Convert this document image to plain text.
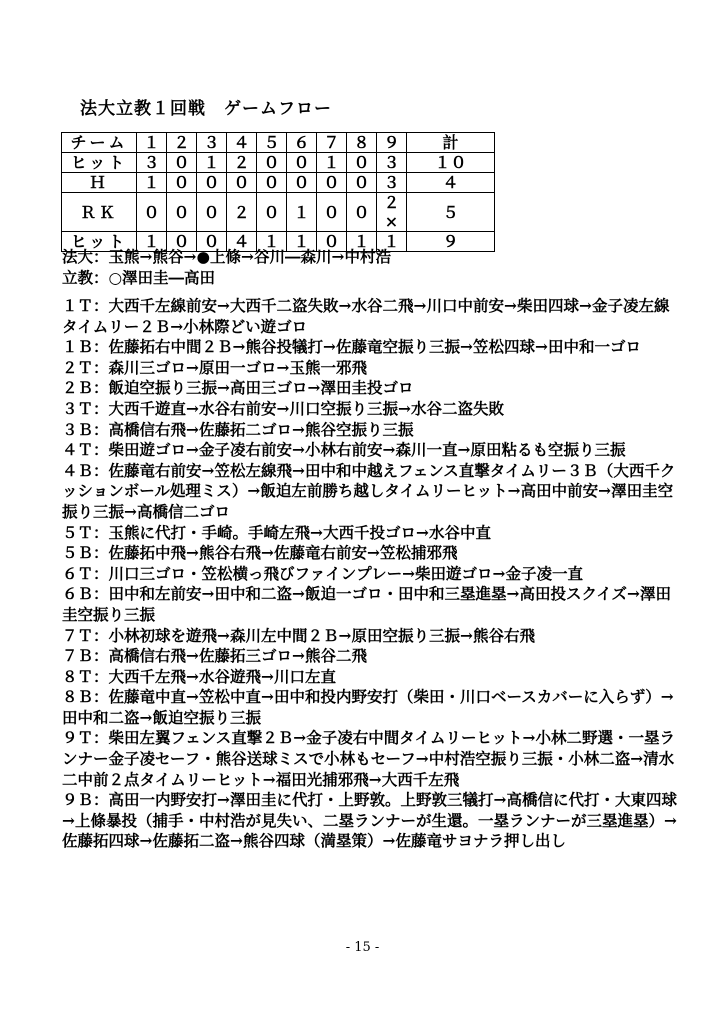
法大立教１回戦　ゲームフロー
チーム	１	２	３	４	５	６	７	８	９	計
ヒット	３	０	１	２	０	０	１	０	３	１０
Ｈ	１	０	０	０	０	０	０	０	３	４
ＲＫ	０	０	０	２	０	１	０	０	２×	５
ヒット	１	０	０	４	１	１	０	１	１	９
法大：玉熊→熊谷→●上條→谷川―森川→中村浩
立教：○澤田圭―高田

１Ｔ：大西千左線前安→大西千二盗失敗→水谷二飛→川口中前安→柴田四球→金子凌左線タイムリー２Ｂ→小林際どい遊ゴロ

１Ｂ：佐藤拓右中間２Ｂ→熊谷投犠打→佐藤竜空振り三振→笠松四球→田中和一ゴロ

２Ｔ：森川三ゴロ→原田一ゴロ→玉熊一邪飛

２Ｂ：飯迫空振り三振→高田三ゴロ→澤田圭投ゴロ

３Ｔ：大西千遊直→水谷右前安→川口空振り三振→水谷二盗失敗

３Ｂ：高橋信右飛→佐藤拓二ゴロ→熊谷空振り三振

４Ｔ：柴田遊ゴロ→金子凌右前安→小林右前安→森川一直→原田粘るも空振り三振

４Ｂ：佐藤竜右前安→笠松左線飛→田中和中越えフェンス直撃タイムリー３Ｂ（大西千クッションボール処理ミス）→飯迫左前勝ち越しタイムリーヒット→高田中前安→澤田圭空振り三振→高橋信二ゴロ

５Ｔ：玉熊に代打・手崎。手崎左飛→大西千投ゴロ→水谷中直

５Ｂ：佐藤拓中飛→熊谷右飛→佐藤竜右前安→笠松捕邪飛

６Ｔ：川口三ゴロ・笠松横っ飛びファインプレー→柴田遊ゴロ→金子凌一直

６Ｂ：田中和左前安→田中和二盗→飯迫一ゴロ・田中和三塁進塁→高田投スクイズ→澤田圭空振り三振

７Ｔ：小林初球を遊飛→森川左中間２Ｂ→原田空振り三振→熊谷右飛

７Ｂ：高橋信右飛→佐藤拓三ゴロ→熊谷二飛

８Ｔ：大西千左飛→水谷遊飛→川口左直

８Ｂ：佐藤竜中直→笠松中直→田中和投内野安打（柴田・川口ベースカバーに入らず）→田中和二盗→飯迫空振り三振

９Ｔ：柴田左翼フェンス直撃２Ｂ→金子凌右中間タイムリーヒット→小林二野選・一塁ランナー金子凌セーフ・熊谷送球ミスで小林もセーフ→中村浩空振り三振・小林二盗→清水二中前２点タイムリーヒット→福田光捕邪飛→大西千左飛

９Ｂ：高田一内野安打→澤田圭に代打・上野敦。上野敦三犠打→高橋信に代打・大東四球→上條暴投（捕手・中村浩が見失い、二塁ランナーが生還。一塁ランナーが三塁進塁）→佐藤拓四球→佐藤拓二盗→熊谷四球（満塁策）→佐藤竜サヨナラ押し出し

- 15 -
